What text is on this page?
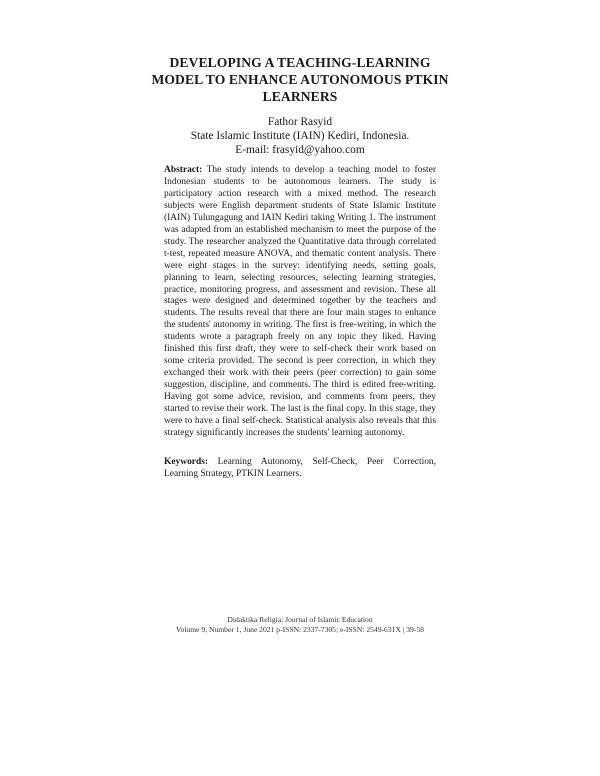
DEVELOPING A TEACHING-LEARNING
MODEL TO ENHANCE AUTONOMOUS PTKIN
LEARNERS
Fathor Rasyid
State Islamic Institute (IAIN) Kediri, Indonesia.
E-mail: frasyid@yahoo.com
Abstract: The study intends to develop a teaching model to foster Indonesian students to be autonomous learners. The study is participatory action research with a mixed method. The research subjects were English department students of State Islamic Institute (IAIN) Tulungagung and IAIN Kediri taking Writing 1. The instrument was adapted from an established mechanism to meet the purpose of the study. The researcher analyzed the Quantitative data through correlated t-test, repeated measure ANOVA, and thematic content analysis. There were eight stages in the survey: identifying needs, setting goals, planning to learn, selecting resources, selecting learning strategies, practice, monitoring progress, and assessment and revision. These all stages were designed and determined together by the teachers and students. The results reveal that there are four main stages to enhance the students' autonomy in writing. The first is free-writing, in which the students wrote a paragraph freely on any topic they liked. Having finished this first draft, they were to self-check their work based on some criteria provided. The second is peer correction, in which they exchanged their work with their peers (peer correction) to gain some suggestion, discipline, and comments. The third is edited free-writing. Having got some advice, revision, and comments from peers, they started to revise their work. The last is the final copy. In this stage, they were to have a final self-check. Statistical analysis also reveals that this strategy significantly increases the students' learning autonomy.
Keywords: Learning Autonomy, Self-Check, Peer Correction, Learning Strategy, PTKIN Learners.
Didaktika Religia: Journal of Islamic Education
Volume 9, Number 1, June 2021 p-ISSN: 2337-7305; e-ISSN: 2549-631X | 39-58
